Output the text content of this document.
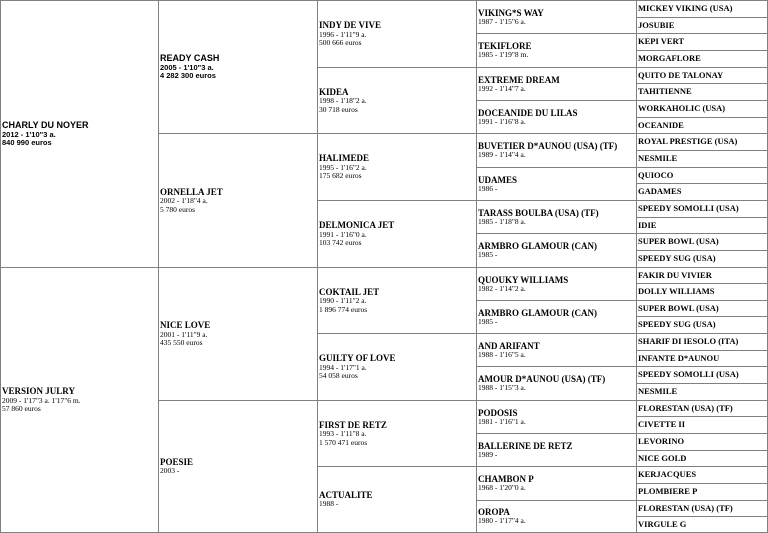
CHARLY DU NOYER
2012 - 1'10"3 a.
840 990 euros
VERSION JULRY
2009 - 1'17"3 a. 1'17"6 m.
57 860 euros
READY CASH
2005 - 1'10"3 a.
4 282 300 euros
ORNELLA JET
2002 - 1'18"4 a.
5 780 euros
NICE LOVE
2001 - 1'11"9 a.
435 550 euros
POESIE
2003 -
INDY DE VIVE
1996 - 1'11"9 a.
500 666 euros
KIDEA
1998 - 1'18"2 a.
30 718 euros
HALIMEDE
1995 - 1'16"2 a.
175 682 euros
DELMONICA JET
1991 - 1'16"0 a.
103 742 euros
COKTAIL JET
1990 - 1'11"2 a.
1 896 774 euros
GUILTY OF LOVE
1994 - 1'17"1 a.
54 058 euros
FIRST DE RETZ
1993 - 1'11"8 a.
1 570 471 euros
ACTUALITE
1988 -
VIKING*S WAY
1987 - 1'15"6 a.
TEKIFLORE
1985 - 1'19"8 m.
EXTREME DREAM
1992 - 1'14"7 a.
DOCEANIDE DU LILAS
1991 - 1'16"8 a.
BUVETIER D*AUNOU (USA) (TF)
1989 - 1'14"4 a.
UDAMES
1986 -
TARASS BOULBA (USA) (TF)
1985 - 1'18"8 a.
ARMBRO GLAMOUR (CAN)
1985 -
QUOUKY WILLIAMS
1982 - 1'14"2 a.
ARMBRO GLAMOUR (CAN)
1985 -
AND ARIFANT
1988 - 1'16"5 a.
AMOUR D*AUNOU (USA) (TF)
1988 - 1'15"3 a.
PODOSIS
1981 - 1'16"1 a.
BALLERINE DE RETZ
1989 -
CHAMBON P
1968 - 1'20"0 a.
OROPA
1980 - 1'17"4 a.
MICKEY VIKING (USA)
JOSUBIE
KEPI VERT
MORGAFLORE
QUITO DE TALONAY
TAHITIENNE
WORKAHOLIC (USA)
OCEANIDE
ROYAL PRESTIGE (USA)
NESMILE
QUIOCO
GADAMES
SPEEDY SOMOLLI (USA)
IDIE
SUPER BOWL (USA)
SPEEDY SUG (USA)
FAKIR DU VIVIER
DOLLY WILLIAMS
SUPER BOWL (USA)
SPEEDY SUG (USA)
SHARIF DI IESOLO (ITA)
INFANTE D*AUNOU
SPEEDY SOMOLLI (USA)
NESMILE
FLORESTAN (USA) (TF)
CIVETTE II
LEVORINO
NICE GOLD
KERJACQUES
PLOMBIERE P
FLORESTAN (USA) (TF)
VIRGULE G
